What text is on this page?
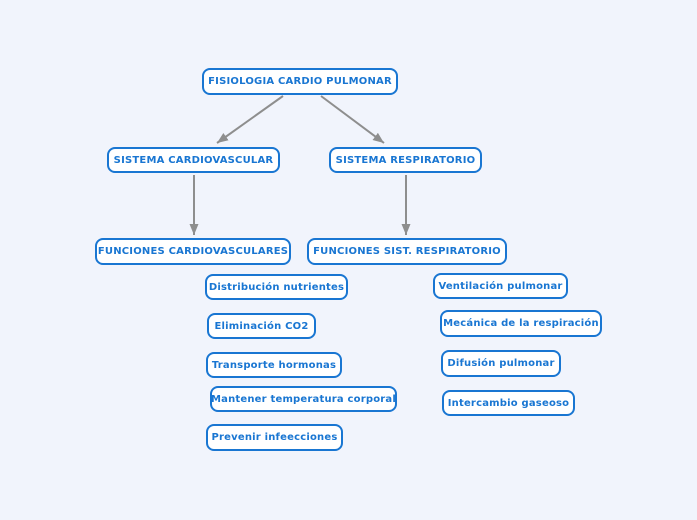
FISIOLOGIA CARDIO PULMONAR
SISTEMA CARDIOVASCULAR	SISTEMA RESPIRATORIO
FUNCIONES CARDIOVASCULARES FUNCIONES SIST. RESPIRATORIO
Distribución nutrientes
Eliminación CO2
Transporte hormonas
Mantener temperatura corporal
Prevenir infeecciones
Ventilación pulmonar
Mecánica de la respiración
Difusión pulmonar
Intercambio gaseoso
